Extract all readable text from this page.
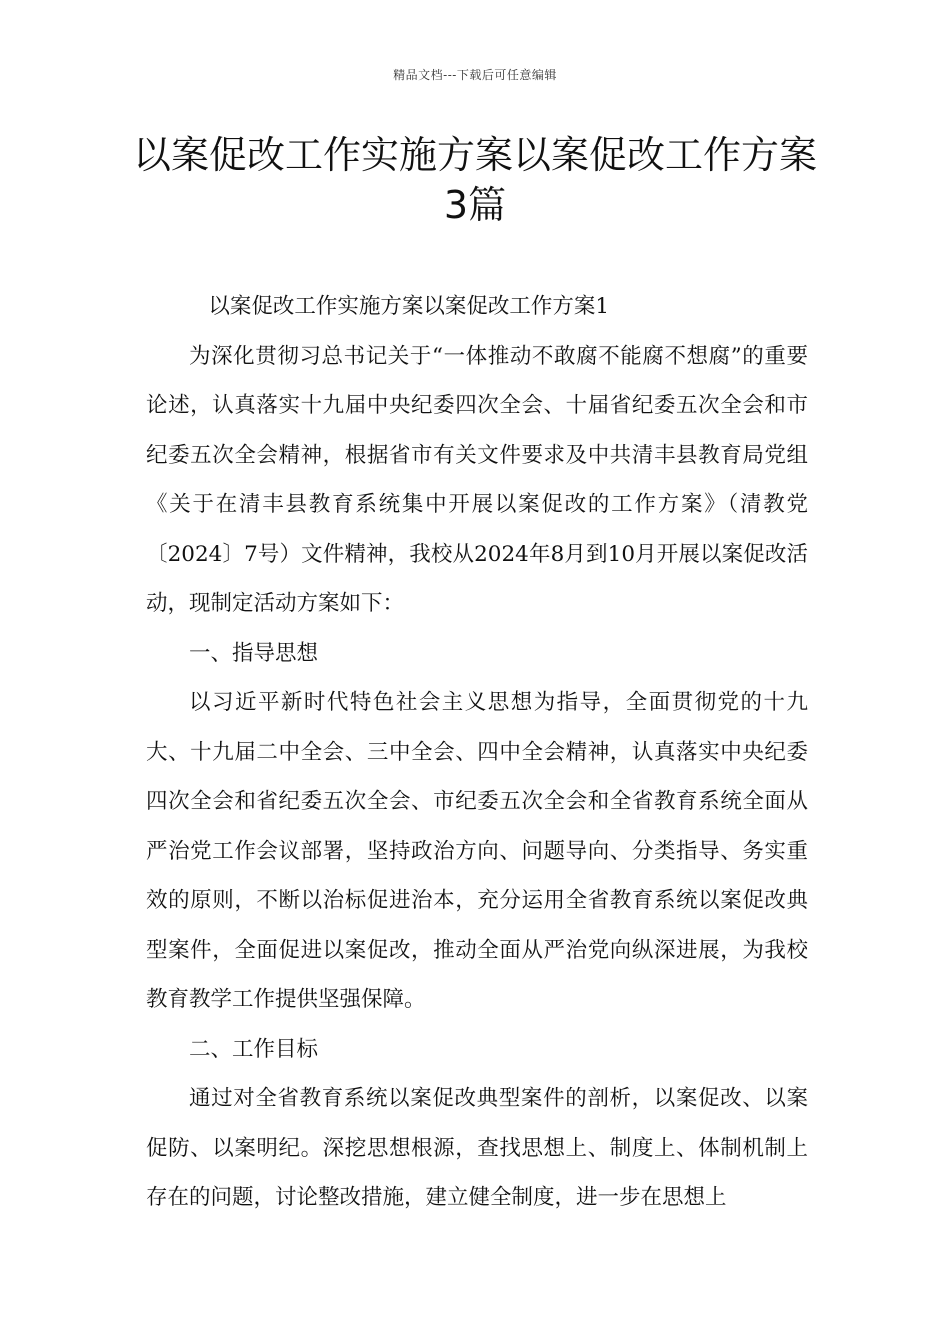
精品文档---下载后可任意编辑
以案促改工作实施方案以案促改工作方案3篇

以案促改工作实施方案以案促改工作方案1

为深化贯彻习总书记关于“一体推动不敢腐不能腐不想腐”的重要论述，认真落实十九届中央纪委四次全会、十届省纪委五次全会和市纪委五次全会精神，根据省市有关文件要求及中共清丰县教育局党组《关于在清丰县教育系统集中开展以案促改的工作方案》（清教党〔2024〕7号）文件精神，我校从2024年8月到10月开展以案促改活动，现制定活动方案如下：

一、指导思想

以习近平新时代特色社会主义思想为指导，全面贯彻党的十九大、十九届二中全会、三中全会、四中全会精神，认真落实中央纪委四次全会和省纪委五次全会、市纪委五次全会和全省教育系统全面从严治党工作会议部署，坚持政治方向、问题导向、分类指导、务实重效的原则，不断以治标促进治本，充分运用全省教育系统以案促改典型案件，全面促进以案促改，推动全面从严治党向纵深进展，为我校教育教学工作提供坚强保障。

二、工作目标

通过对全省教育系统以案促改典型案件的剖析，以案促改、以案促防、以案明纪。深挖思想根源，查找思想上、制度上、体制机制上存在的问题，讨论整改措施，建立健全制度，进一步在思想上
